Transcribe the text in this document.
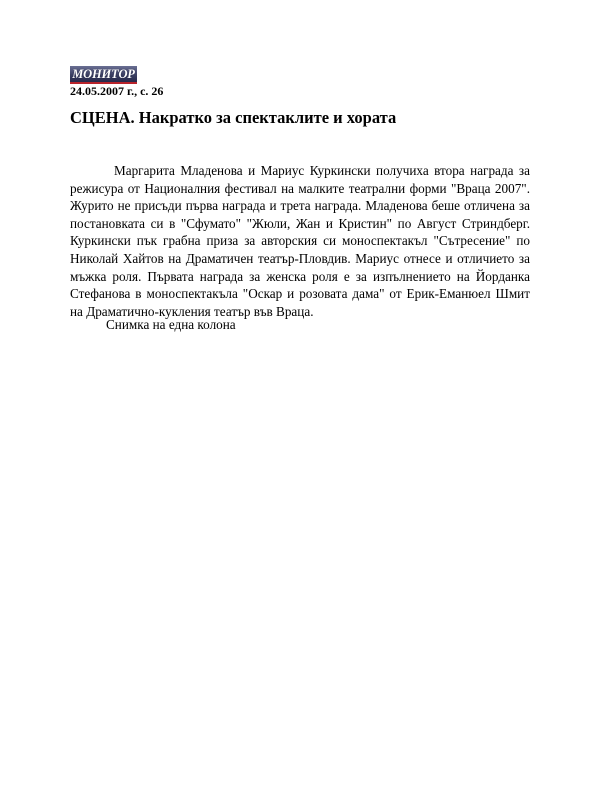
МОНИТОР
24.05.2007 г., с. 26
СЦЕНА. Накратко за спектаклите и хората

Маргарита Младенова и Мариус Куркински получиха втора награда за режисура от Националния фестивал на малките театрални форми "Враца 2007". Журито не присъди първа награда и трета награда. Младенова беше отличена за постановката си в "Сфумато" "Жюли, Жан и Кристин" по Август Стриндберг. Куркински пък грабна приза за авторския си моноспектакъл "Сътресение" по Николай Хайтов на Драматичен театър-Пловдив. Мариус отнесе и отличието за мъжка роля. Първата награда за женска роля е за изпълнението на Йорданка Стефанова в моноспектакъла "Оскар и розовата дама" от Ерик-Еманюел Шмит на Драматично-кукления театър във Враца.

Снимка на една колона
